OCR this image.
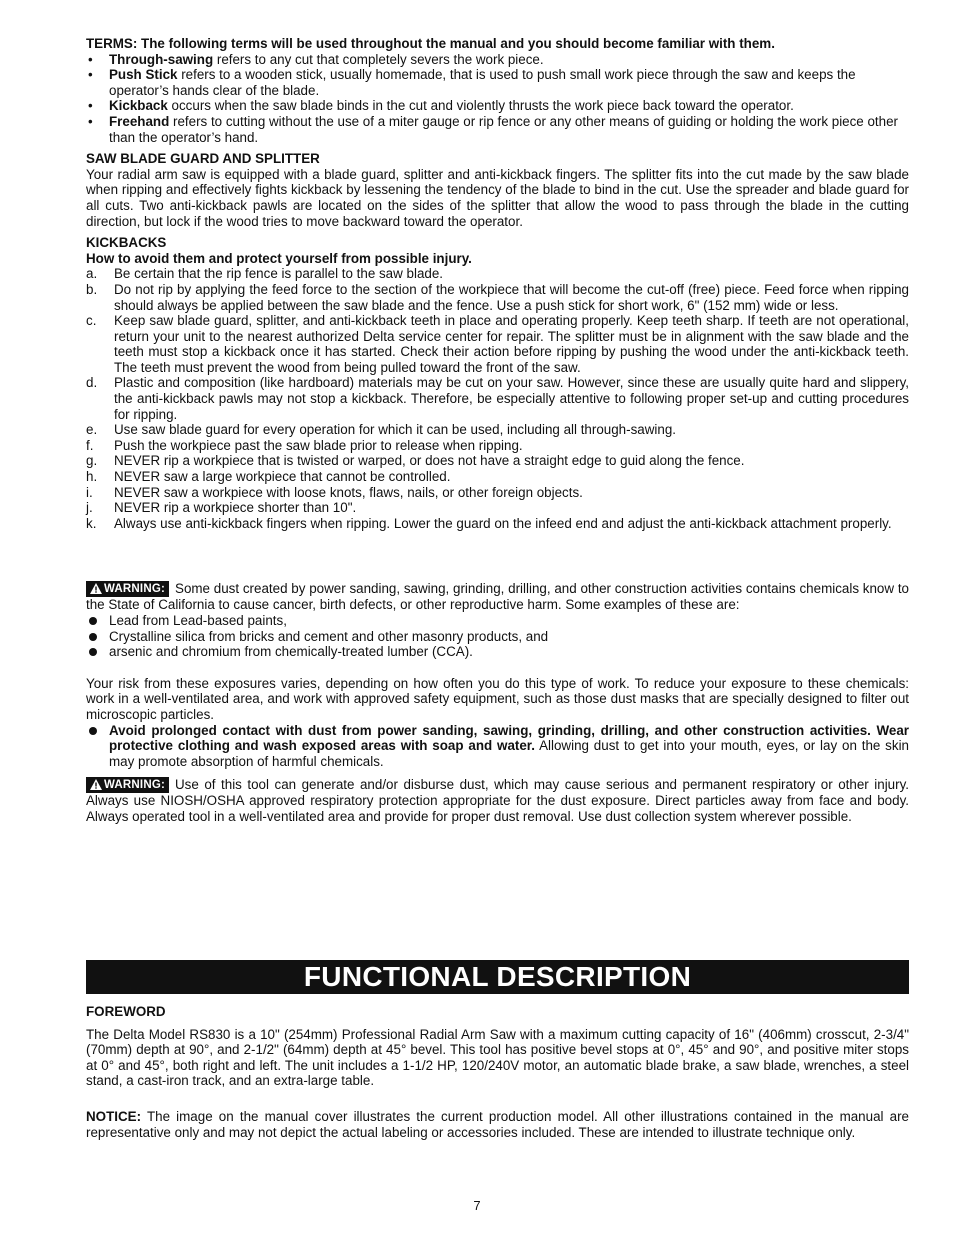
TERMS: The following terms will be used throughout the manual and you should become familiar with them.

• Through-sawing refers to any cut that completely severs the work piece.
• Push Stick refers to a wooden stick, usually homemade, that is used to push small work piece through the saw and keeps the operator’s hands clear of the blade.
• Kickback occurs when the saw blade binds in the cut and violently thrusts the work piece back toward the operator.
• Freehand refers to cutting without the use of a miter gauge or rip fence or any other means of guiding or holding the work piece other than the operator’s hand.

SAW BLADE GUARD AND SPLITTER

Your radial arm saw is equipped with a blade guard, splitter and anti-kickback fingers. The splitter fits into the cut made by the saw blade when ripping and effectively fights kickback by lessening the tendency of the blade to bind in the cut. Use the spreader and blade guard for all cuts. Two anti-kickback pawls are located on the sides of the splitter that allow the wood to pass through the blade in the cutting direction, but lock if the wood tries to move backward toward the operator.

KICKBACKS

How to avoid them and protect yourself from possible injury.

a. Be certain that the rip fence is parallel to the saw blade.
b. Do not rip by applying the feed force to the section of the workpiece that will become the cut-off (free) piece. Feed force when ripping should always be applied between the saw blade and the fence. Use a push stick for short work, 6" (152 mm) wide or less.
c. Keep saw blade guard, splitter, and anti-kickback teeth in place and operating properly. Keep teeth sharp. If teeth are not operational, return your unit to the nearest authorized Delta service center for repair. The splitter must be in alignment with the saw blade and the teeth must stop a kickback once it has started. Check their action before ripping by pushing the wood under the anti-kickback teeth. The teeth must prevent the wood from being pulled toward the front of the saw.
d. Plastic and composition (like hardboard) materials may be cut on your saw. However, since these are usually quite hard and slippery, the anti-kickback pawls may not stop a kickback. Therefore, be especially attentive to following proper set-up and cutting procedures for ripping.
e. Use saw blade guard for every operation for which it can be used, including all through-sawing.
f. Push the workpiece past the saw blade prior to release when ripping.
g. NEVER rip a workpiece that is twisted or warped, or does not have a straight edge to guid along the fence.
h. NEVER saw a large workpiece that cannot be controlled.
i. NEVER saw a workpiece with loose knots, flaws, nails, or other foreign objects.
j. NEVER rip a workpiece shorter than 10".
k. Always use anti-kickback fingers when ripping. Lower the guard on the infeed end and adjust the anti-kickback attachment properly.

WARNING: Some dust created by power sanding, sawing, grinding, drilling, and other construction activities contains chemicals know to the State of California to cause cancer, birth defects, or other reproductive harm. Some examples of these are:

Lead from Lead-based paints,
Crystalline silica from bricks and cement and other masonry products, and
arsenic and chromium from chemically-treated lumber (CCA).

Your risk from these exposures varies, depending on how often you do this type of work. To reduce your exposure to these chemicals: work in a well-ventilated area, and work with approved safety equipment, such as those dust masks that are specially designed to filter out microscopic particles.

Avoid prolonged contact with dust from power sanding, sawing, grinding, drilling, and other construction activities. Wear protective clothing and wash exposed areas with soap and water. Allowing dust to get into your mouth, eyes, or lay on the skin may promote absorption of harmful chemicals.

WARNING: Use of this tool can generate and/or disburse dust, which may cause serious and permanent respiratory or other injury. Always use NIOSH/OSHA approved respiratory protection appropriate for the dust exposure. Direct particles away from face and body. Always operated tool in a well-ventilated area and provide for proper dust removal. Use dust collection system wherever possible.

FUNCTIONAL DESCRIPTION

FOREWORD

The Delta Model RS830 is a 10" (254mm) Professional Radial Arm Saw with a maximum cutting capacity of 16" (406mm) crosscut, 2-3/4" (70mm) depth at 90°, and 2-1/2" (64mm) depth at 45° bevel. This tool has positive bevel stops at 0°, 45° and 90°, and positive miter stops at 0° and 45°, both right and left. The unit includes a 1-1/2 HP, 120/240V motor, an automatic blade brake, a saw blade, wrenches, a steel stand, a cast-iron track, and an extra-large table.

NOTICE: The image on the manual cover illustrates the current production model. All other illustrations contained in the manual are representative only and may not depict the actual labeling or accessories included. These are intended to illustrate technique only.

7
